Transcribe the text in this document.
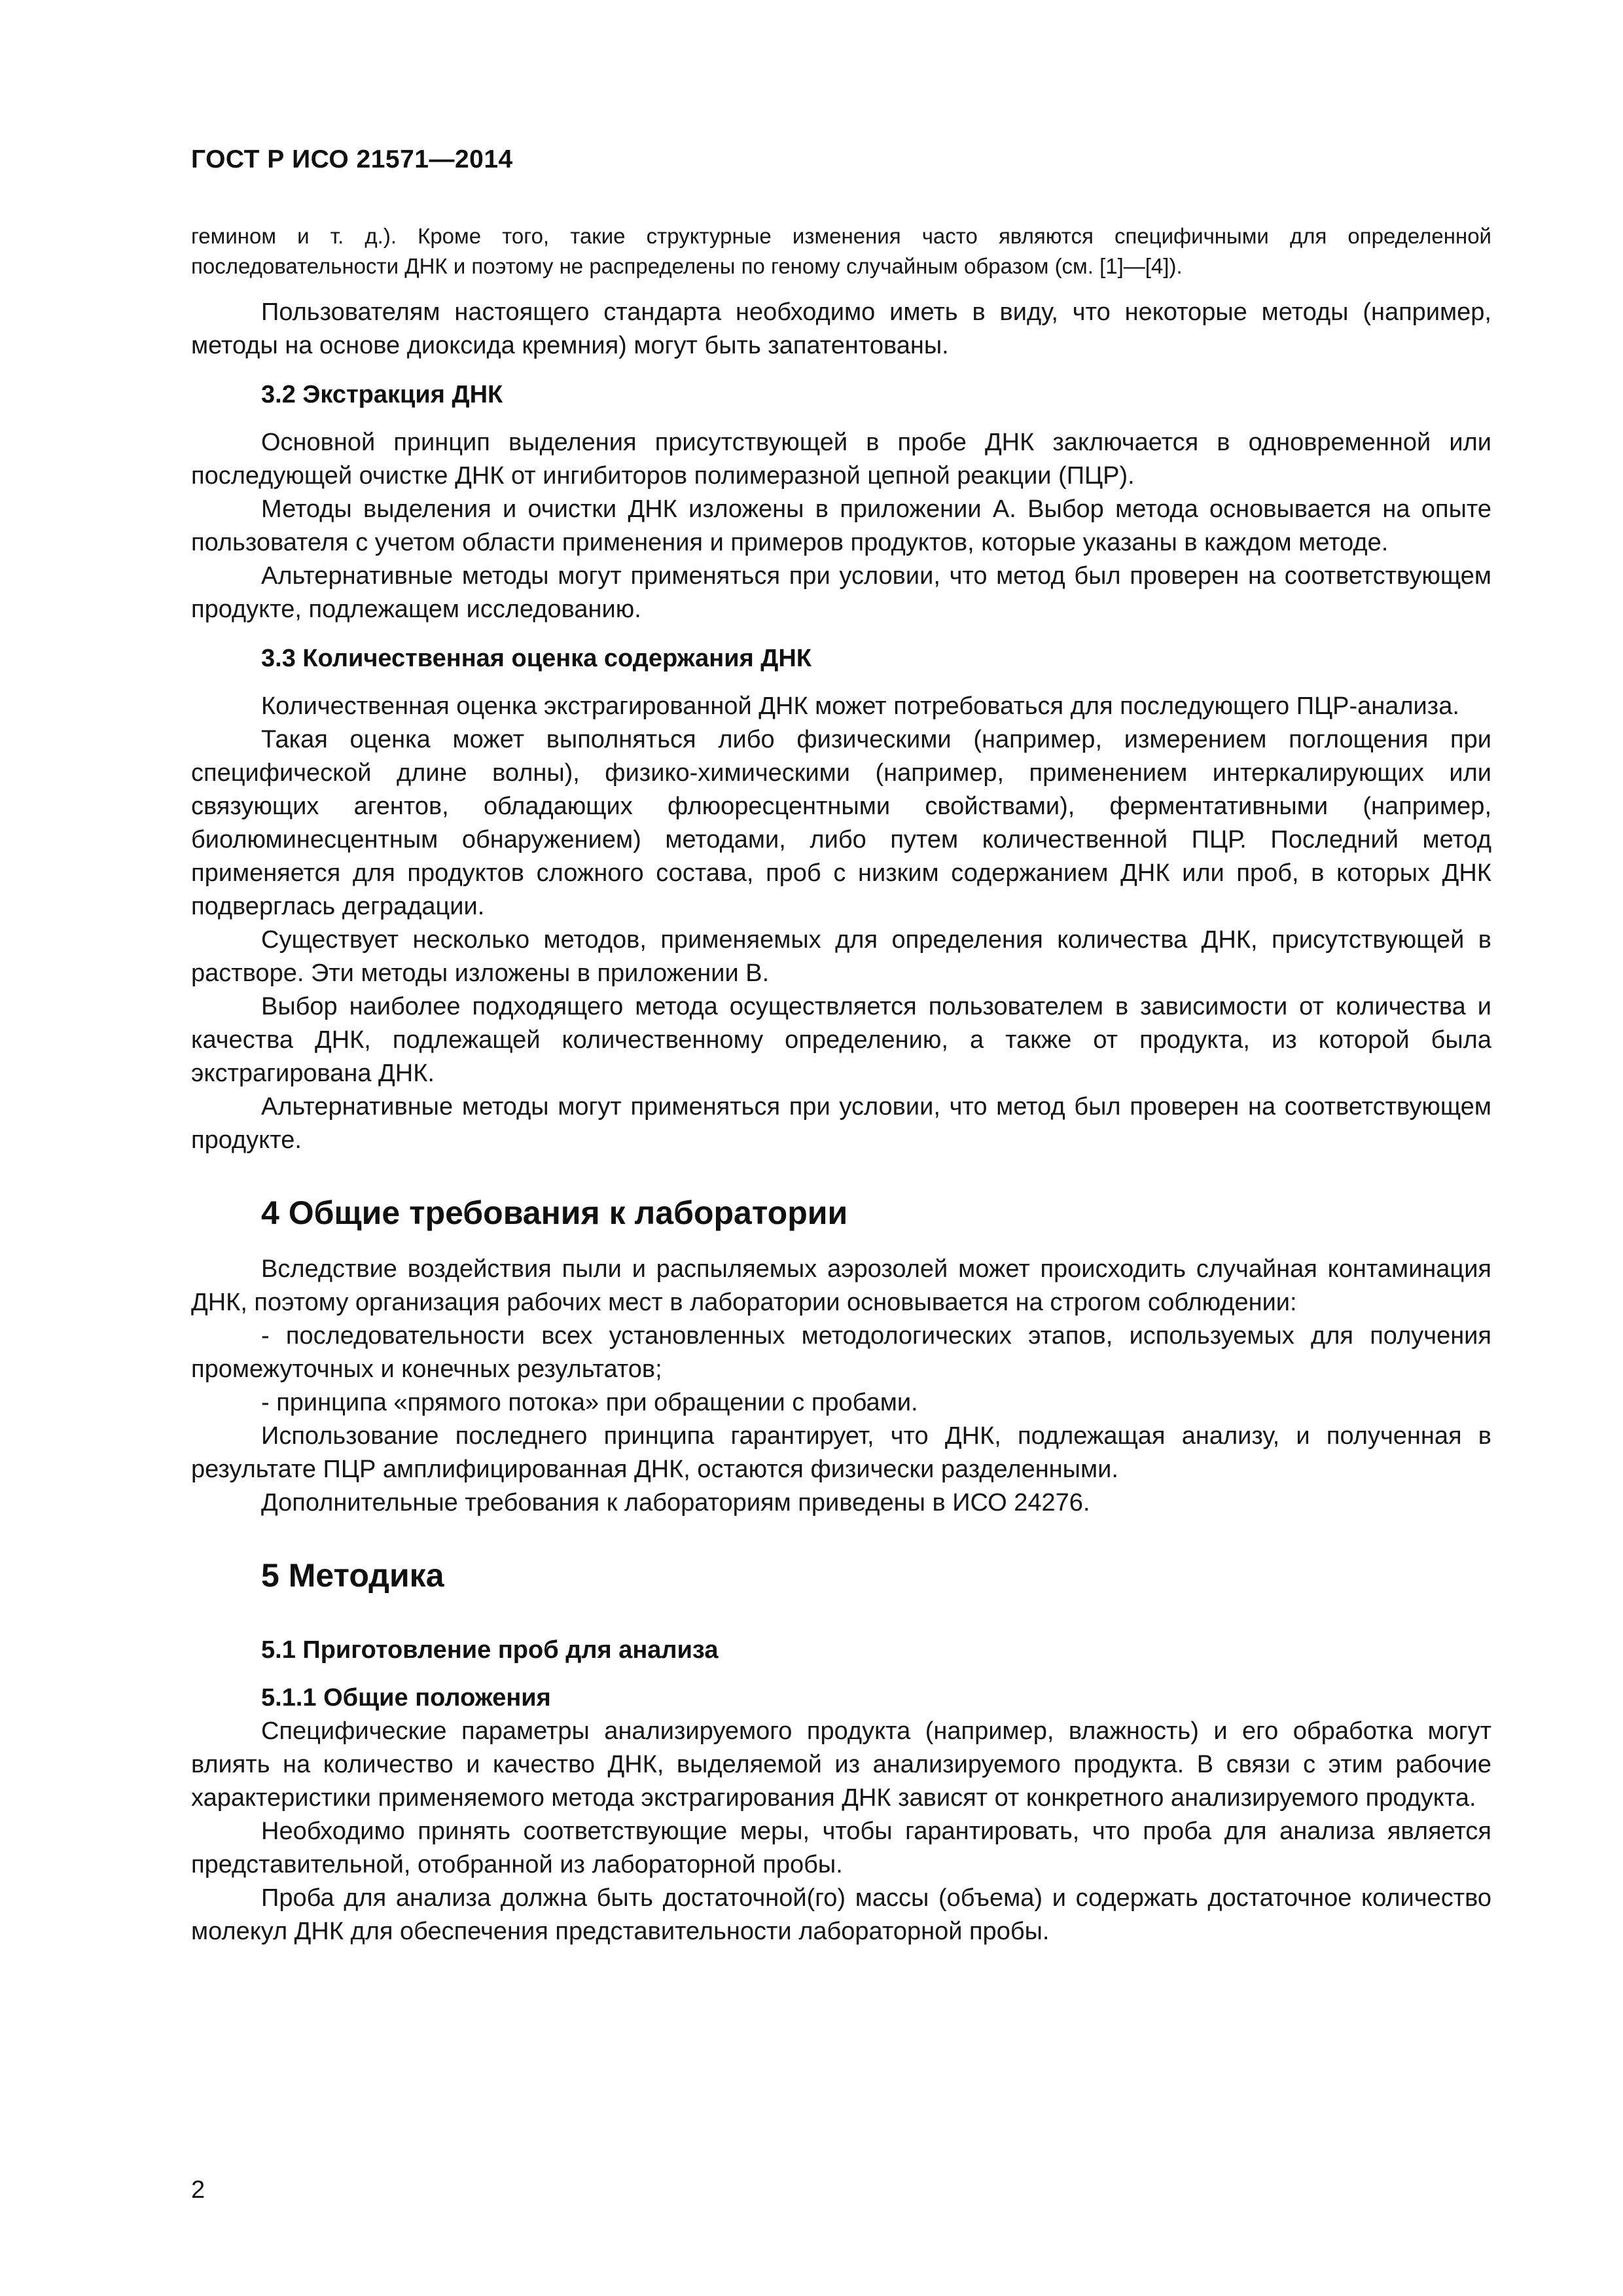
ГОСТ Р ИСО 21571—2014

гемином и т. д.). Кроме того, такие структурные изменения часто являются специфичными для определенной последовательности ДНК и поэтому не распределены по геному случайным образом (см. [1]—[4]).

Пользователям настоящего стандарта необходимо иметь в виду, что некоторые методы (например, методы на основе диоксида кремния) могут быть запатентованы.

3.2 Экстракция ДНК

Основной принцип выделения присутствующей в пробе ДНК заключается в одновременной или последующей очистке ДНК от ингибиторов полимеразной цепной реакции (ПЦР).

Методы выделения и очистки ДНК изложены в приложении А. Выбор метода основывается на опыте пользователя с учетом области применения и примеров продуктов, которые указаны в каждом методе.

Альтернативные методы могут применяться при условии, что метод был проверен на соответствующем продукте, подлежащем исследованию.

3.3 Количественная оценка содержания ДНК

Количественная оценка экстрагированной ДНК может потребоваться для последующего ПЦР-анализа.

Такая оценка может выполняться либо физическими (например, измерением поглощения при специфической длине волны), физико-химическими (например, применением интеркалирующих или связующих агентов, обладающих флюоресцентными свойствами), ферментативными (например, биолюминесцентным обнаружением) методами, либо путем количественной ПЦР. Последний метод применяется для продуктов сложного состава, проб с низким содержанием ДНК или проб, в которых ДНК подверглась деградации.

Существует несколько методов, применяемых для определения количества ДНК, присутствующей в растворе. Эти методы изложены в приложении В.

Выбор наиболее подходящего метода осуществляется пользователем в зависимости от количества и качества ДНК, подлежащей количественному определению, а также от продукта, из которой была экстрагирована ДНК.

Альтернативные методы могут применяться при условии, что метод был проверен на соответствующем продукте.

4 Общие требования к лаборатории

Вследствие воздействия пыли и распыляемых аэрозолей может происходить случайная контаминация ДНК, поэтому организация рабочих мест в лаборатории основывается на строгом соблюдении:

- последовательности всех установленных методологических этапов, используемых для получения промежуточных и конечных результатов;

- принципа «прямого потока» при обращении с пробами.

Использование последнего принципа гарантирует, что ДНК, подлежащая анализу, и полученная в результате ПЦР амплифицированная ДНК, остаются физически разделенными.

Дополнительные требования к лабораториям приведены в ИСО 24276.

5 Методика
5.1 Приготовление проб для анализа
5.1.1 Общие положения

Специфические параметры анализируемого продукта (например, влажность) и его обработка могут влиять на количество и качество ДНК, выделяемой из анализируемого продукта. В связи с этим рабочие характеристики применяемого метода экстрагирования ДНК зависят от конкретного анализируемого продукта.

Необходимо принять соответствующие меры, чтобы гарантировать, что проба для анализа является представительной, отобранной из лабораторной пробы.

Проба для анализа должна быть достаточной(го) массы (объема) и содержать достаточное количество молекул ДНК для обеспечения представительности лабораторной пробы.

2
